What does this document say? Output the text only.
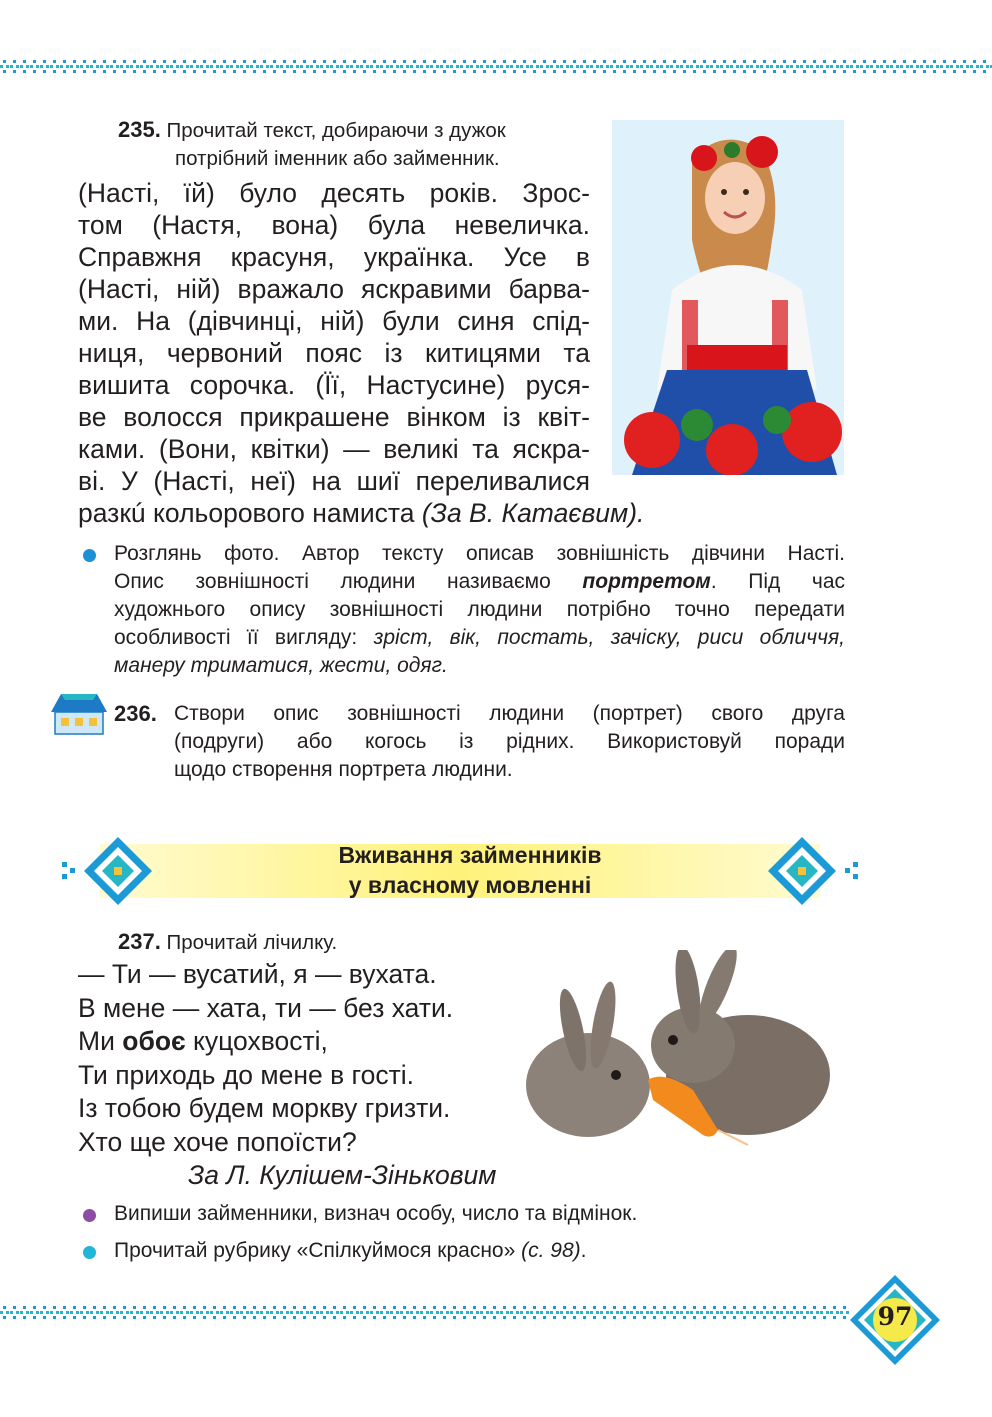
235. Прочитай текст, добираючи з дужок
потрібний іменник або займенник.
(Насті, їй) було десять років. Зрос-
том (Настя, вона) була невеличка.
Справжня красуня, українка. Усе в
(Насті, ній) вражало яскравими барва-
ми. На (дівчинці, ній) були синя спід-
ниця, червоний пояс із китицями та
вишита сорочка. (Її, Настусине) рyся-
ве волосся прикрашене вінком із квіт-
ками. (Вони, квітки) — великі та яскра-
ві. У (Насті, неї) на шиї переливалися
разкú кольорового намиста (За В. Катаєвим).
Розглянь фото. Автор тексту описав зовнішність дівчини Насті.
Опис зовнішності людини називаємо портретом. Під час
художнього опису зовнішності людини потрібно точно передати
особливості її вигляду: зріст, вік, постать, зачіску, риси обличчя,
манеру триматися, жести, одяг.
236. Створи опис зовнішності людини (портрет) свого друга
(подруги) або когось із рідних. Використовуй поради
щодо створення портрета людини.
Вживання займенників
у власному мовленні
237. Прочитай лічилку.
— Ти — вусатий, я — вухата.
В мене — хата, ти — без хати.
Ми обоє куцохвості,
Ти приходь до мене в гості.
Із тобою будем моркву гризти.
Хто ще хоче попоїсти?
За Л. Кулішем-Зіньковим
Випиши займенники, визнач особу, число та відмінок.
Прочитай рубрику «Спілкуймося красно» (с. 98).
97
